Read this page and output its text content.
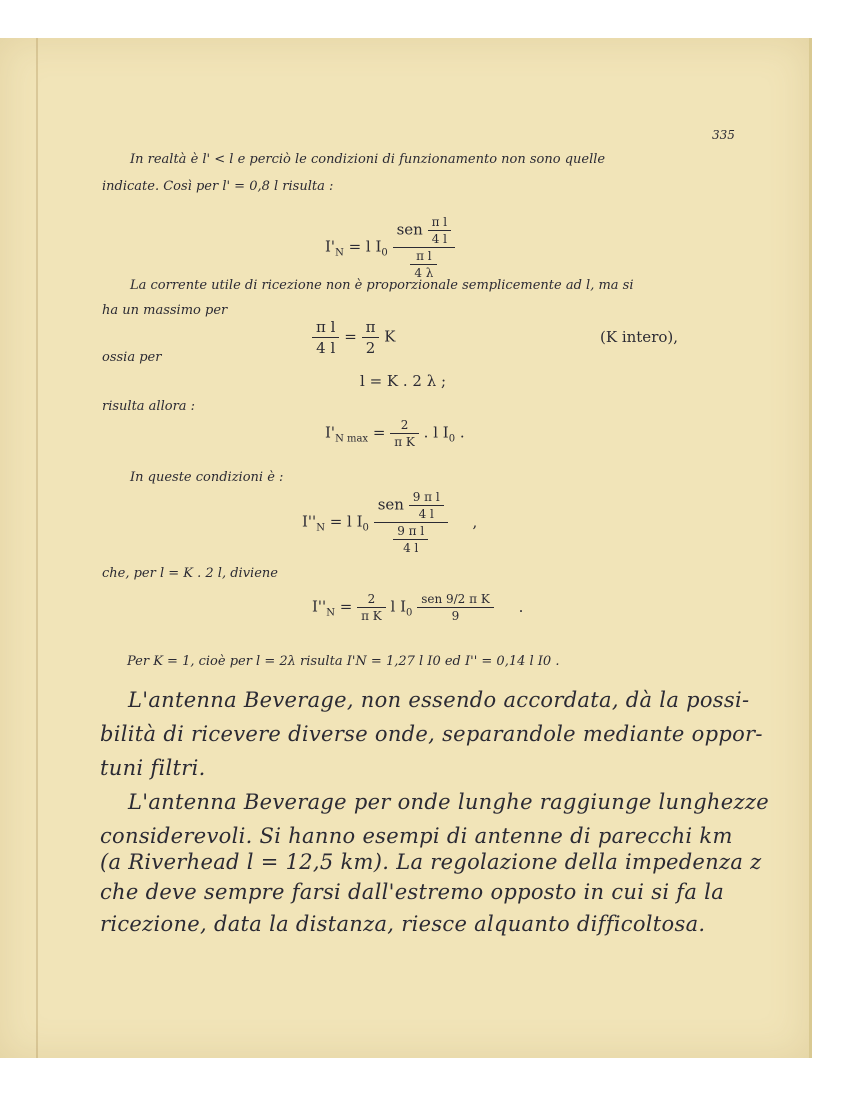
335
In realtà è l' < l e perciò le condizioni di funzionamento non sono quelle
indicate. Così per l' = 0,8 l risulta :
$I'_N = l$ $I_0 \frac{sen \frac{\text{π l}}{4 l}}{\frac{\text{π l}}{4 \lambda}}$
La corrente utile di ricezione non è proporzionale semplicemente ad l, ma si
ha un massimo per
$\frac{\text{π l}}{4 l} = \frac{\pi}{2}$ K	(K intero),
ossia per
l = K . 2 λ ;
risulta allora :
$I'_{N max} = \frac{2}{\text{π K}}$ . l $I_0$ .
In queste condizioni è :
$I''_N = l$ $I_0 \frac{sen \frac{\text{9 π l}}{4 l}}{\frac{\text{9 π l}}{4 l}}$ ,
che, per l = K . 2 l, diviene
$I''_N = \frac{2}{\text{π K}}$ l $I_0 \frac{\text{sen 9/2 π K}}{9}$ .
Per K = 1, cioè per l = 2λ risulta I'N = 1,27 l I0 ed I'' = 0,14 l I0 .
L'antenna Beverage, non essendo accordata, dà la possi-
bilità di ricevere diverse onde, separandole mediante oppor-
tuni filtri.
L'antenna Beverage per onde lunghe raggiunge lunghezze
considerevoli. Si hanno esempi di antenne di parecchi km
(a Riverhead l = 12,5 km). La regolazione della impedenza z
che deve sempre farsi dall'estremo opposto in cui si fa la
ricezione, data la distanza, riesce alquanto difficoltosa.
